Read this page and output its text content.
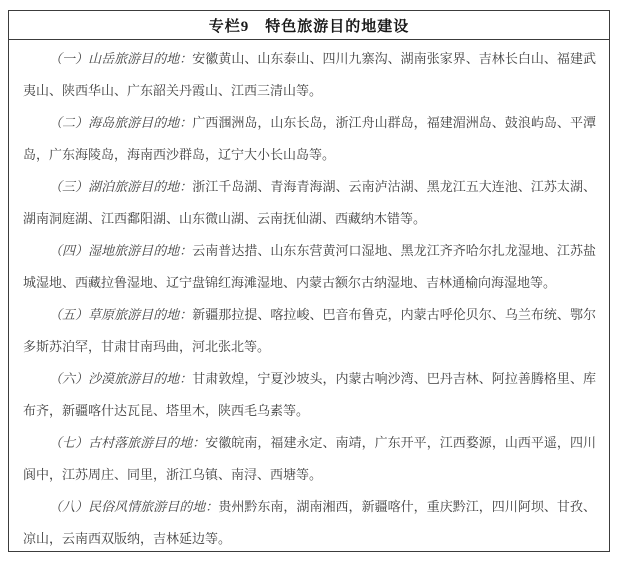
专栏9　特色旅游目的地建设

（一）山岳旅游目的地：安徽黄山、山东泰山、四川九寨沟、湖南张家界、吉林长白山、福建武夷山、陕西华山、广东韶关丹霞山、江西三清山等。

（二）海岛旅游目的地：广西涠洲岛，山东长岛，浙江舟山群岛，福建湄洲岛、鼓浪屿岛、平潭岛，广东海陵岛，海南西沙群岛，辽宁大小长山岛等。

（三）湖泊旅游目的地：浙江千岛湖、青海青海湖、云南泸沽湖、黑龙江五大连池、江苏太湖、湖南洞庭湖、江西鄱阳湖、山东微山湖、云南抚仙湖、西藏纳木错等。

（四）湿地旅游目的地：云南普达措、山东东营黄河口湿地、黑龙江齐齐哈尔扎龙湿地、江苏盐城湿地、西藏拉鲁湿地、辽宁盘锦红海滩湿地、内蒙古额尔古纳湿地、吉林通榆向海湿地等。

（五）草原旅游目的地：新疆那拉提、喀拉峻、巴音布鲁克，内蒙古呼伦贝尔、乌兰布统、鄂尔多斯苏泊罕，甘肃甘南玛曲，河北张北等。

（六）沙漠旅游目的地：甘肃敦煌，宁夏沙坡头，内蒙古响沙湾、巴丹吉林、阿拉善腾格里、库布齐，新疆喀什达瓦昆、塔里木，陕西毛乌素等。

（七）古村落旅游目的地：安徽皖南，福建永定、南靖，广东开平，江西婺源，山西平遥，四川阆中，江苏周庄、同里，浙江乌镇、南浔、西塘等。

（八）民俗风情旅游目的地：贵州黔东南，湖南湘西，新疆喀什，重庆黔江，四川阿坝、甘孜、凉山，云南西双版纳，吉林延边等。
